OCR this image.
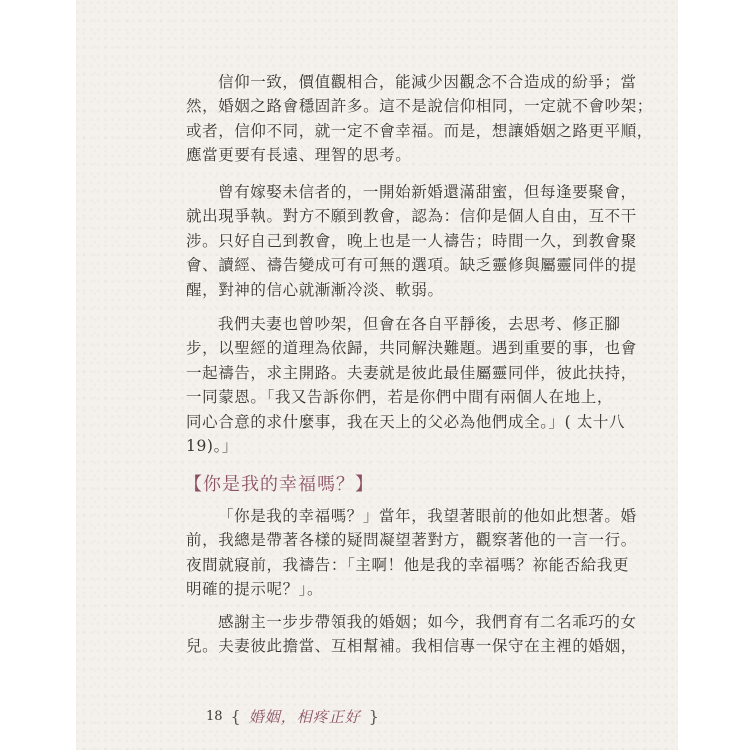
信仰一致，價值觀相合，能減少因觀念不合造成的紛爭；當
然，婚姻之路會穩固許多。這不是說信仰相同，一定就不會吵架；
或者，信仰不同，就一定不會幸福。而是，想讓婚姻之路更平順，
應當更要有長遠、理智的思考。
曾有嫁娶未信者的，一開始新婚還滿甜蜜，但每逢要聚會，
就出現爭執。對方不願到教會，認為：信仰是個人自由，互不干
涉。只好自己到教會，晚上也是一人禱告；時間一久，到教會聚
會、讀經、禱告變成可有可無的選項。缺乏靈修與屬靈同伴的提
醒，對神的信心就漸漸冷淡、軟弱。
我們夫妻也曾吵架，但會在各自平靜後，去思考、修正腳
步，以聖經的道理為依歸，共同解決難題。遇到重要的事，也會
一起禱告，求主開路。夫妻就是彼此最佳屬靈同伴，彼此扶持，
一同蒙恩。「我又告訴你們，若是你們中間有兩個人在地上，
同心合意的求什麼事，我在天上的父必為他們成全。」( 太十八
19)。」
【你是我的幸福嗎？】
「你是我的幸福嗎？」當年，我望著眼前的他如此想著。婚
前，我總是帶著各樣的疑問凝望著對方，觀察著他的一言一行。
夜間就寢前，我禱告：「主啊！他是我的幸福嗎？祢能否給我更
明確的提示呢？」。
感謝主一步步帶領我的婚姻；如今，我們育有二名乖巧的女
兒。夫妻彼此擔當、互相幫補。我相信專一保守在主裡的婚姻，
18 { 婚姻，相疼正好 }
